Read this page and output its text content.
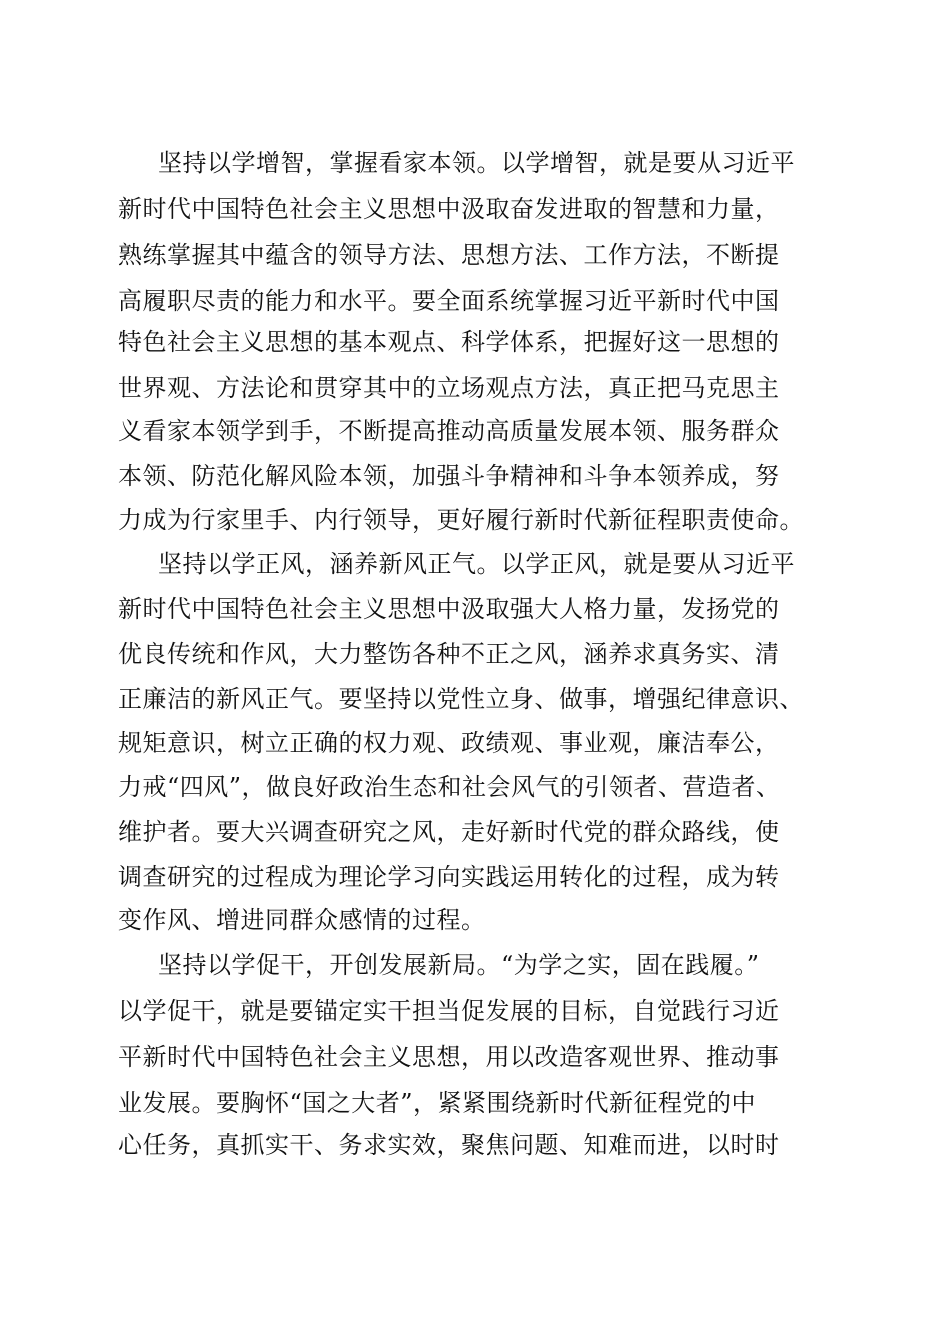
坚持以学增智，掌握看家本领。以学增智，就是要从习近平

新时代中国特色社会主义思想中汲取奋发进取的智慧和力量，

熟练掌握其中蕴含的领导方法、思想方法、工作方法，不断提

高履职尽责的能力和水平。要全面系统掌握习近平新时代中国

特色社会主义思想的基本观点、科学体系，把握好这一思想的

世界观、方法论和贯穿其中的立场观点方法，真正把马克思主

义看家本领学到手，不断提高推动高质量发展本领、服务群众

本领、防范化解风险本领，加强斗争精神和斗争本领养成，努

力成为行家里手、内行领导，更好履行新时代新征程职责使命。

坚持以学正风，涵养新风正气。以学正风，就是要从习近平

新时代中国特色社会主义思想中汲取强大人格力量，发扬党的

优良传统和作风，大力整饬各种不正之风，涵养求真务实、清

正廉洁的新风正气。要坚持以党性立身、做事，增强纪律意识、

规矩意识，树立正确的权力观、政绩观、事业观，廉洁奉公，

力戒“四风”，做良好政治生态和社会风气的引领者、营造者、

维护者。要大兴调查研究之风，走好新时代党的群众路线，使

调查研究的过程成为理论学习向实践运用转化的过程，成为转

变作风、增进同群众感情的过程。

坚持以学促干，开创发展新局。“为学之实，固在践履。”

以学促干，就是要锚定实干担当促发展的目标，自觉践行习近

平新时代中国特色社会主义思想，用以改造客观世界、推动事

业发展。要胸怀“国之大者”，紧紧围绕新时代新征程党的中

心任务，真抓实干、务求实效，聚焦问题、知难而进，以时时
